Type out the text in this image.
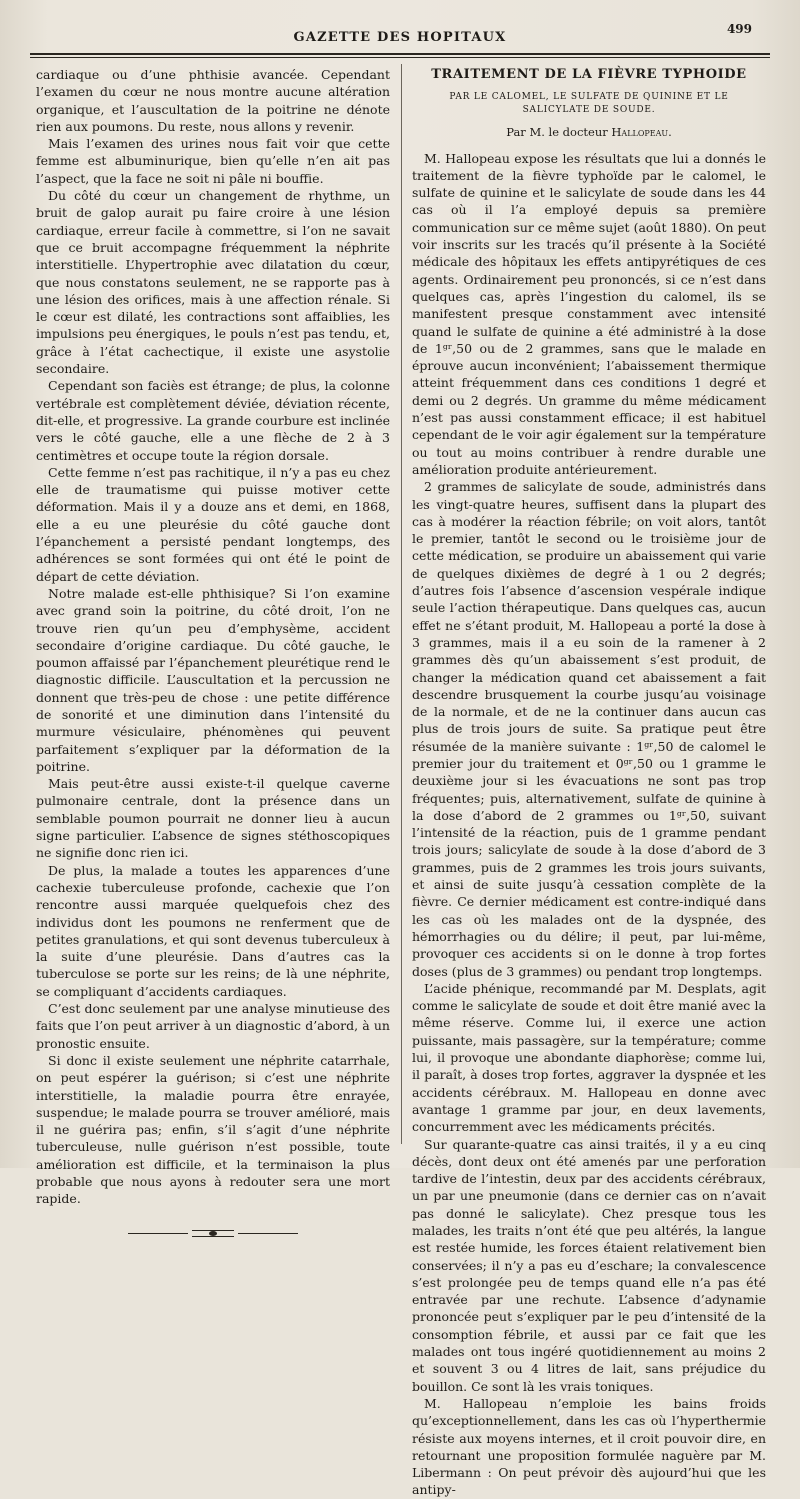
GAZETTE DES HOPITAUX
499

cardiaque ou d’une phthisie avancée. Cependant l’examen du cœur ne nous montre aucune altération organique, et l’auscultation de la poitrine ne dénote rien aux poumons. Du reste, nous allons y revenir.

Mais l’examen des urines nous fait voir que cette femme est albuminurique, bien qu’elle n’en ait pas l’aspect, que la face ne soit ni pâle ni bouffie.

Du côté du cœur un changement de rhythme, un bruit de galop aurait pu faire croire à une lésion cardiaque, erreur facile à commettre, si l’on ne savait que ce bruit accompagne fréquemment la néphrite interstitielle. L’hypertrophie avec dilatation du cœur, que nous constatons seulement, ne se rapporte pas à une lésion des orifices, mais à une affection rénale. Si le cœur est dilaté, les contractions sont affaiblies, les impulsions peu énergiques, le pouls n’est pas tendu, et, grâce à l’état cachectique, il existe une asystolie secondaire.

Cependant son faciès est étrange; de plus, la colonne vertébrale est complètement déviée, déviation récente, dit-elle, et progressive. La grande courbure est inclinée vers le côté gauche, elle a une flèche de 2 à 3 centimètres et occupe toute la région dorsale.

Cette femme n’est pas rachitique, il n’y a pas eu chez elle de traumatisme qui puisse motiver cette déformation. Mais il y a douze ans et demi, en 1868, elle a eu une pleurésie du côté gauche dont l’épanchement a persisté pendant longtemps, des adhérences se sont formées qui ont été le point de départ de cette déviation.

Notre malade est-elle phthisique? Si l’on examine avec grand soin la poitrine, du côté droit, l’on ne trouve rien qu’un peu d’emphysème, accident secondaire d’origine cardiaque. Du côté gauche, le poumon affaissé par l’épanchement pleurétique rend le diagnostic difficile. L’auscultation et la percussion ne donnent que très-peu de chose : une petite différence de sonorité et une diminution dans l’intensité du murmure vésiculaire, phénomènes qui peuvent parfaitement s’expliquer par la déformation de la poitrine.

Mais peut-être aussi existe-t-il quelque caverne pulmonaire centrale, dont la présence dans un semblable poumon pourrait ne donner lieu à aucun signe particulier. L’absence de signes stéthoscopiques ne signifie donc rien ici.

De plus, la malade a toutes les apparences d’une cachexie tuberculeuse profonde, cachexie que l’on rencontre aussi marquée quelquefois chez des individus dont les poumons ne renferment que de petites granulations, et qui sont devenus tuberculeux à la suite d’une pleurésie. Dans d’autres cas la tuberculose se porte sur les reins; de là une néphrite, se compliquant d’accidents cardiaques.

C’est donc seulement par une analyse minutieuse des faits que l’on peut arriver à un diagnostic d’abord, à un pronostic ensuite.

Si donc il existe seulement une néphrite catarrhale, on peut espérer la guérison; si c’est une néphrite interstitielle, la maladie pourra être enrayée, suspendue; le malade pourra se trouver amélioré, mais il ne guérira pas; enfin, s’il s’agit d’une néphrite tuberculeuse, nulle guérison n’est possible, toute amélioration est difficile, et la terminaison la plus probable que nous ayons à redouter sera une mort rapide.

TRAITEMENT DE LA FIÈVRE TYPHOIDE
PAR LE CALOMEL, LE SULFATE DE QUININE ET LE SALICYLATE DE SOUDE.
Par M. le docteur Hallopeau.

M. Hallopeau expose les résultats que lui a donnés le traitement de la fièvre typhoïde par le calomel, le sulfate de quinine et le salicylate de soude dans les 44 cas où il l’a employé depuis sa première communication sur ce même sujet (août 1880). On peut voir inscrits sur les tracés qu’il présente à la Société médicale des hôpitaux les effets antipyrétiques de ces agents. Ordinairement peu prononcés, si ce n’est dans quelques cas, après l’ingestion du calomel, ils se manifestent presque constamment avec intensité quand le sulfate de quinine a été administré à la dose de 1ᵍʳ,50 ou de 2 grammes, sans que le malade en éprouve aucun inconvénient; l’abaissement thermique atteint fréquemment dans ces conditions 1 degré et demi ou 2 degrés. Un gramme du même médicament n’est pas aussi constamment efficace; il est habituel cependant de le voir agir également sur la température ou tout au moins contribuer à rendre durable une amélioration produite antérieurement.

2 grammes de salicylate de soude, administrés dans les vingt-quatre heures, suffisent dans la plupart des cas à modérer la réaction fébrile; on voit alors, tantôt le premier, tantôt le second ou le troisième jour de cette médication, se produire un abaissement qui varie de quelques dixièmes de degré à 1 ou 2 degrés; d’autres fois l’absence d’ascension vespérale indique seule l’action thérapeutique. Dans quelques cas, aucun effet ne s’étant produit, M. Hallopeau a porté la dose à 3 grammes, mais il a eu soin de la ramener à 2 grammes dès qu’un abaissement s’est produit, de changer la médication quand cet abaissement a fait descendre brusquement la courbe jusqu’au voisinage de la normale, et de ne la continuer dans aucun cas plus de trois jours de suite. Sa pratique peut être résumée de la manière suivante : 1ᵍʳ,50 de calomel le premier jour du traitement et 0ᵍʳ,50 ou 1 gramme le deuxième jour si les évacuations ne sont pas trop fréquentes; puis, alternativement, sulfate de quinine à la dose d’abord de 2 grammes ou 1ᵍʳ,50, suivant l’intensité de la réaction, puis de 1 gramme pendant trois jours; salicylate de soude à la dose d’abord de 3 grammes, puis de 2 grammes les trois jours suivants, et ainsi de suite jusqu’à cessation complète de la fièvre. Ce dernier médicament est contre-indiqué dans les cas où les malades ont de la dyspnée, des hémorrhagies ou du délire; il peut, par lui-même, provoquer ces accidents si on le donne à trop fortes doses (plus de 3 grammes) ou pendant trop longtemps.

L’acide phénique, recommandé par M. Desplats, agit comme le salicylate de soude et doit être manié avec la même réserve. Comme lui, il exerce une action puissante, mais passagère, sur la température; comme lui, il provoque une abondante diaphorèse; comme lui, il paraît, à doses trop fortes, aggraver la dyspnée et les accidents cérébraux. M. Hallopeau en donne avec avantage 1 gramme par jour, en deux lavements, concurremment avec les médicaments précités.

Sur quarante-quatre cas ainsi traités, il y a eu cinq décès, dont deux ont été amenés par une perforation tardive de l’intestin, deux par des accidents cérébraux, un par une pneumonie (dans ce dernier cas on n’avait pas donné le salicylate). Chez presque tous les malades, les traits n’ont été que peu altérés, la langue est restée humide, les forces étaient relativement bien conservées; il n’y a pas eu d’eschare; la convalescence s’est prolongée peu de temps quand elle n’a pas été entravée par une rechute. L’absence d’adynamie prononcée peut s’expliquer par le peu d’intensité de la consomption fébrile, et aussi par ce fait que les malades ont tous ingéré quotidiennement au moins 2 et souvent 3 ou 4 litres de lait, sans préjudice du bouillon. Ce sont là les vrais toniques.

M. Hallopeau n’emploie les bains froids qu’exceptionnellement, dans les cas où l’hyperthermie résiste aux moyens internes, et il croit pouvoir dire, en retournant une proposition formulée naguère par M. Libermann : On peut prévoir dès aujourd’hui que les antipy-
